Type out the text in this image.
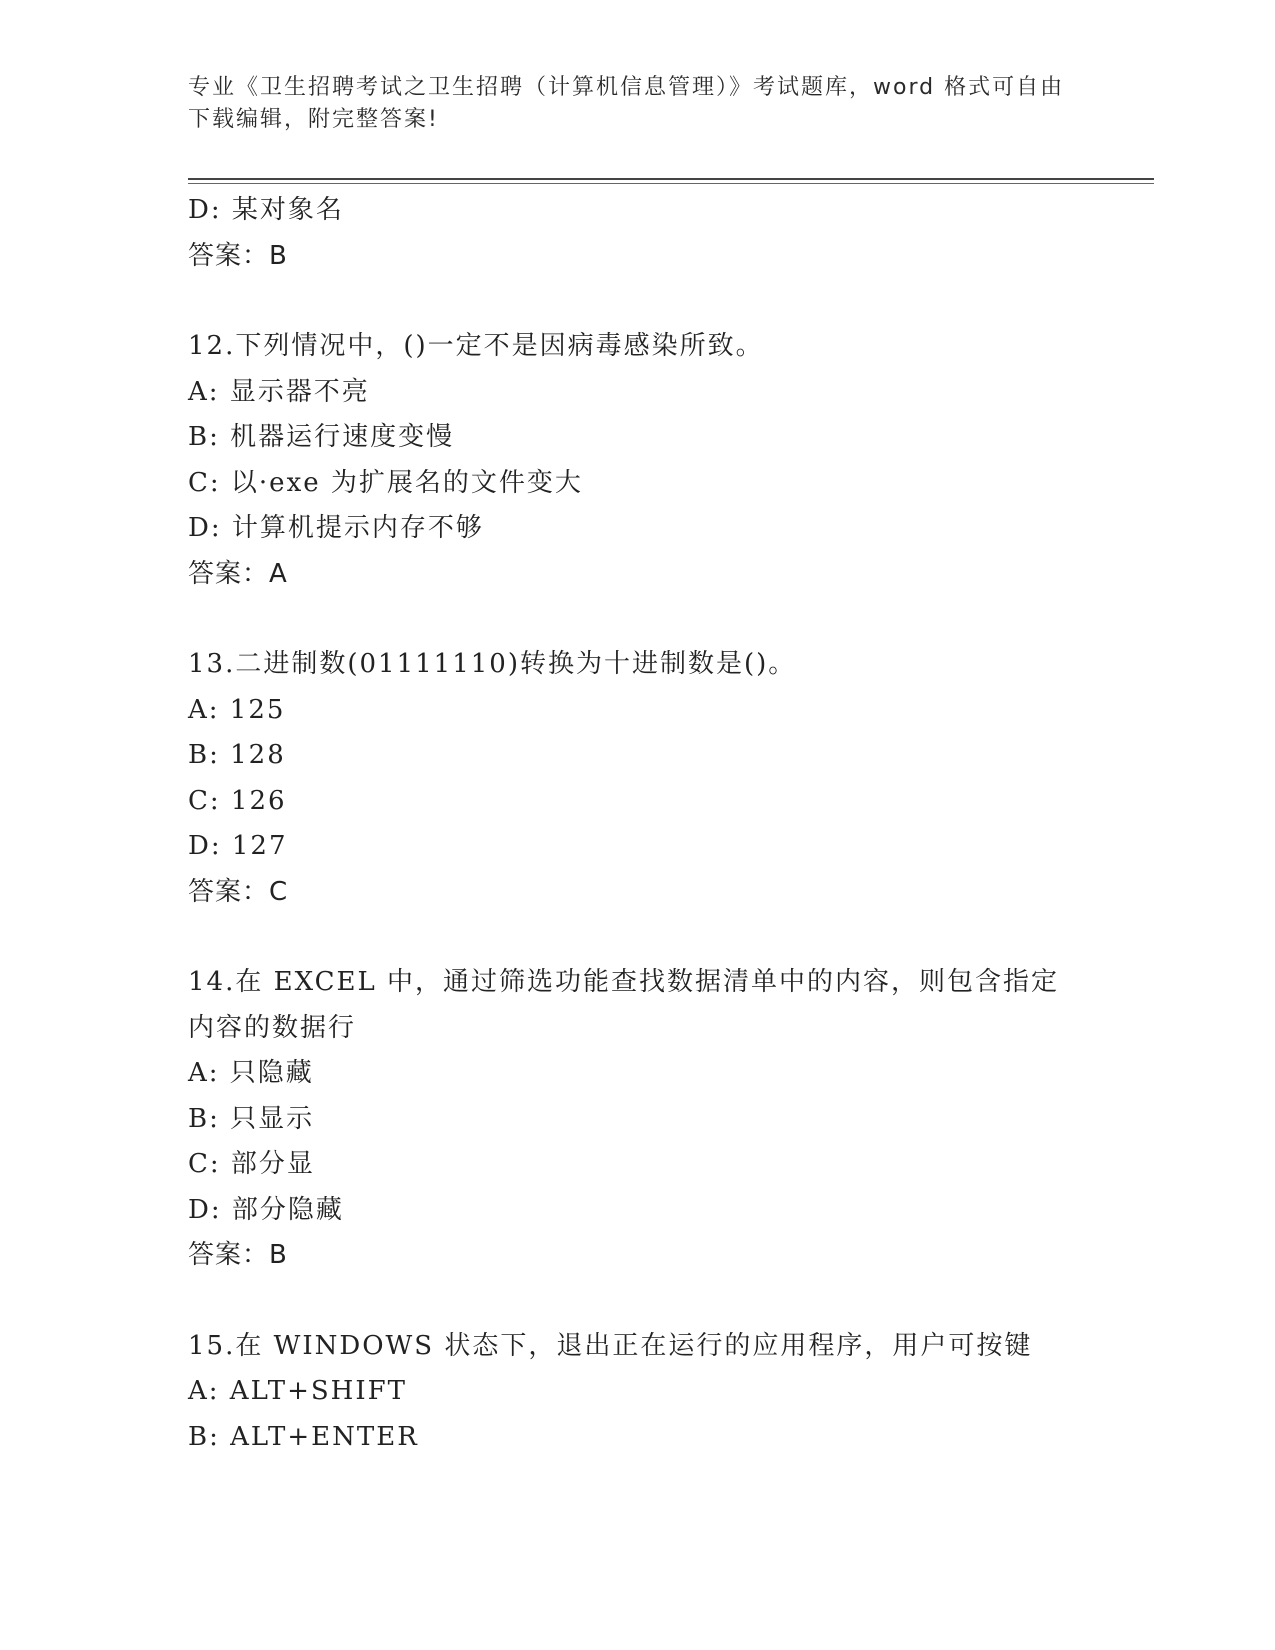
专业《卫生招聘考试之卫生招聘（计算机信息管理）》考试题库，word 格式可自由下载编辑，附完整答案!
D: 某对象名
答案：B
12.下列情况中，()一定不是因病毒感染所致。
A: 显示器不亮
B: 机器运行速度变慢
C: 以·exe 为扩展名的文件变大
D: 计算机提示内存不够
答案：A
13.二进制数(01111110)转换为十进制数是()。
A: 125
B: 128
C: 126
D: 127
答案：C
14.在 EXCEL 中，通过筛选功能查找数据清单中的内容，则包含指定内容的数据行
A: 只隐藏
B: 只显示
C: 部分显
D: 部分隐藏
答案：B
15.在 WINDOWS 状态下，退出正在运行的应用程序，用户可按键
A: ALT+SHIFT
B: ALT+ENTER
